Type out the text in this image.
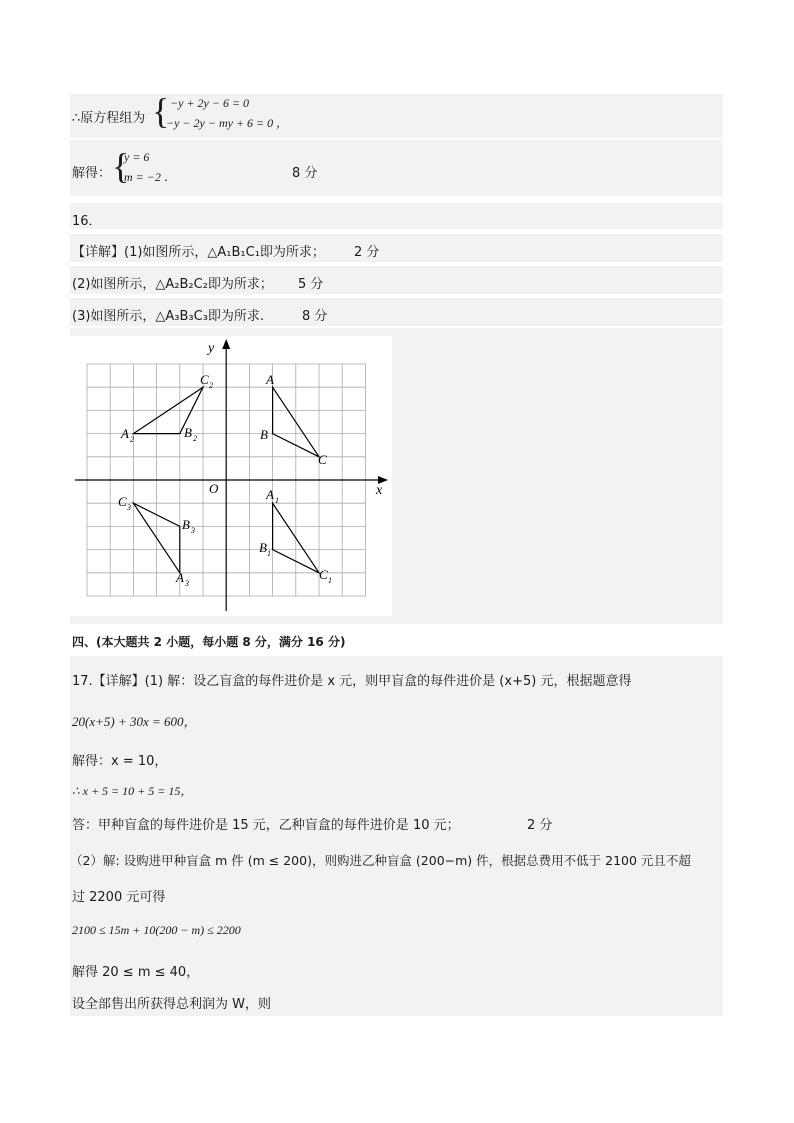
∴原方程组为 { −y + 2y − 6 = 0
−y − 2y − my + 6 = 0 ，
解得： {
y = 6
m = −2 ．	8 分
16．
【详解】(1)如图所示，△A₁B₁C₁即为所求； 2 分
(2)如图所示，△A₂B₂C₂即为所求； 5 分
(3)如图所示，△A₃B₃C₃即为所求.	8 分
x
y
O
A
B
C
A 1
B 1
C 1
A 2	B 2
C 2
A 3
B 3
C 3
四、(本大题共 2 小题，每小题 8 分，满分 16 分)
17.【详解】(1) 解：设乙盲盒的每件进价是 x 元，则甲盲盒的每件进价是 (x+5) 元，根据题意得
20(x+5) + 30x = 600，
解得：x = 10，
∴ x + 5 = 10 + 5 = 15，
答：甲种盲盒的每件进价是 15 元，乙种盲盒的每件进价是 10 元；	2 分
（2）解: 设购进甲种盲盒 m 件 (m ≤ 200)，则购进乙种盲盒 (200−m) 件，根据总费用不低于 2100 元且不超
过 2200 元可得
2100 ≤ 15m + 10(200 − m) ≤ 2200
解得 20 ≤ m ≤ 40，
设全部售出所获得总利润为 W，则
